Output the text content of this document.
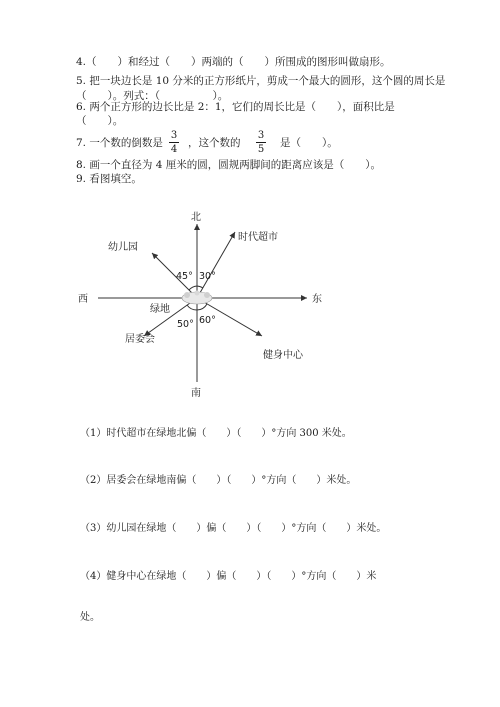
4.（　　）和经过（　　）两端的（　　）所围成的图形叫做扇形。
5. 把一块边长是 10 分米的正方形纸片，剪成一个最大的圆形，这个圆的周长是
（　　）。列式：（　　　　　）。
6. 两个正方形的边长比是 2：1，它们的周长比是（　　），面积比是
（　　）。
7. 一个数的倒数是
3
4
，这个数的
3
5
是（　　）。
8. 画一个直径为 4 厘米的圆，圆规两脚间的距离应该是（　　）。
9. 看图填空。
北
南
西	东
绿地
幼儿园
时代超市
居委会
健身中心
45° 30°
50° 60°
（1）时代超市在绿地北偏（　　）（　　）°方向 300 米处。
（2）居委会在绿地南偏（　　）（　　）°方向（　　）米处。
（3）幼儿园在绿地（　　）偏（　　）（　　）°方向（　　）米处。
（4）健身中心在绿地（　　）偏（　　）（　　）°方向（　　）米
处。
